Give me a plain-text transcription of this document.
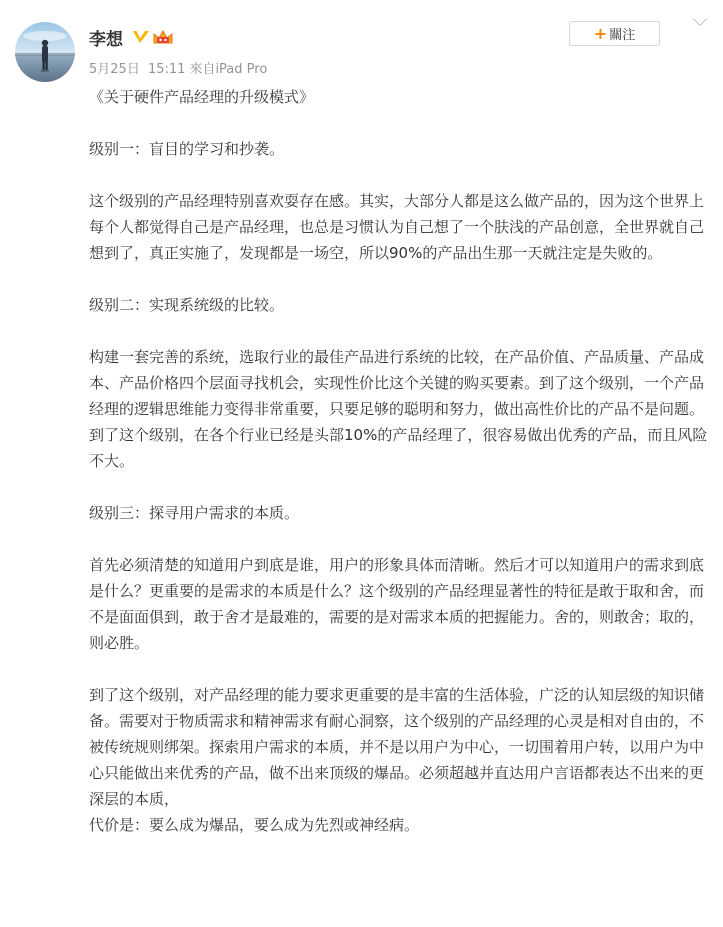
李想
5月25日 15:11 來自iPad Pro
+ 關注

《关于硬件产品经理的升级模式》

级别一：盲目的学习和抄袭。

这个级别的产品经理特别喜欢耍存在感。其实，大部分人都是这么做产品的，因为这个世界上每个人都觉得自己是产品经理，也总是习惯认为自己想了一个肤浅的产品创意，全世界就自己想到了，真正实施了，发现都是一场空，所以90%的产品出生那一天就注定是失败的。

级别二：实现系统级的比较。

构建一套完善的系统，选取行业的最佳产品进行系统的比较，在产品价值、产品质量、产品成本、产品价格四个层面寻找机会，实现性价比这个关键的购买要素。到了这个级别，一个产品经理的逻辑思维能力变得非常重要，只要足够的聪明和努力，做出高性价比的产品不是问题。到了这个级别，在各个行业已经是头部10%的产品经理了，很容易做出优秀的产品，而且风险不大。

级别三：探寻用户需求的本质。

首先必须清楚的知道用户到底是谁，用户的形象具体而清晰。然后才可以知道用户的需求到底是什么？更重要的是需求的本质是什么？这个级别的产品经理显著性的特征是敢于取和舍，而不是面面俱到，敢于舍才是最难的，需要的是对需求本质的把握能力。舍的，则敢舍；取的，则必胜。

到了这个级别，对产品经理的能力要求更重要的是丰富的生活体验，广泛的认知层级的知识储备。需要对于物质需求和精神需求有耐心洞察，这个级别的产品经理的心灵是相对自由的，不被传统规则绑架。探索用户需求的本质，并不是以用户为中心，一切围着用户转，以用户为中心只能做出来优秀的产品，做不出来顶级的爆品。必须超越并直达用户言语都表达不出来的更深层的本质，

代价是：要么成为爆品，要么成为先烈或神经病。
